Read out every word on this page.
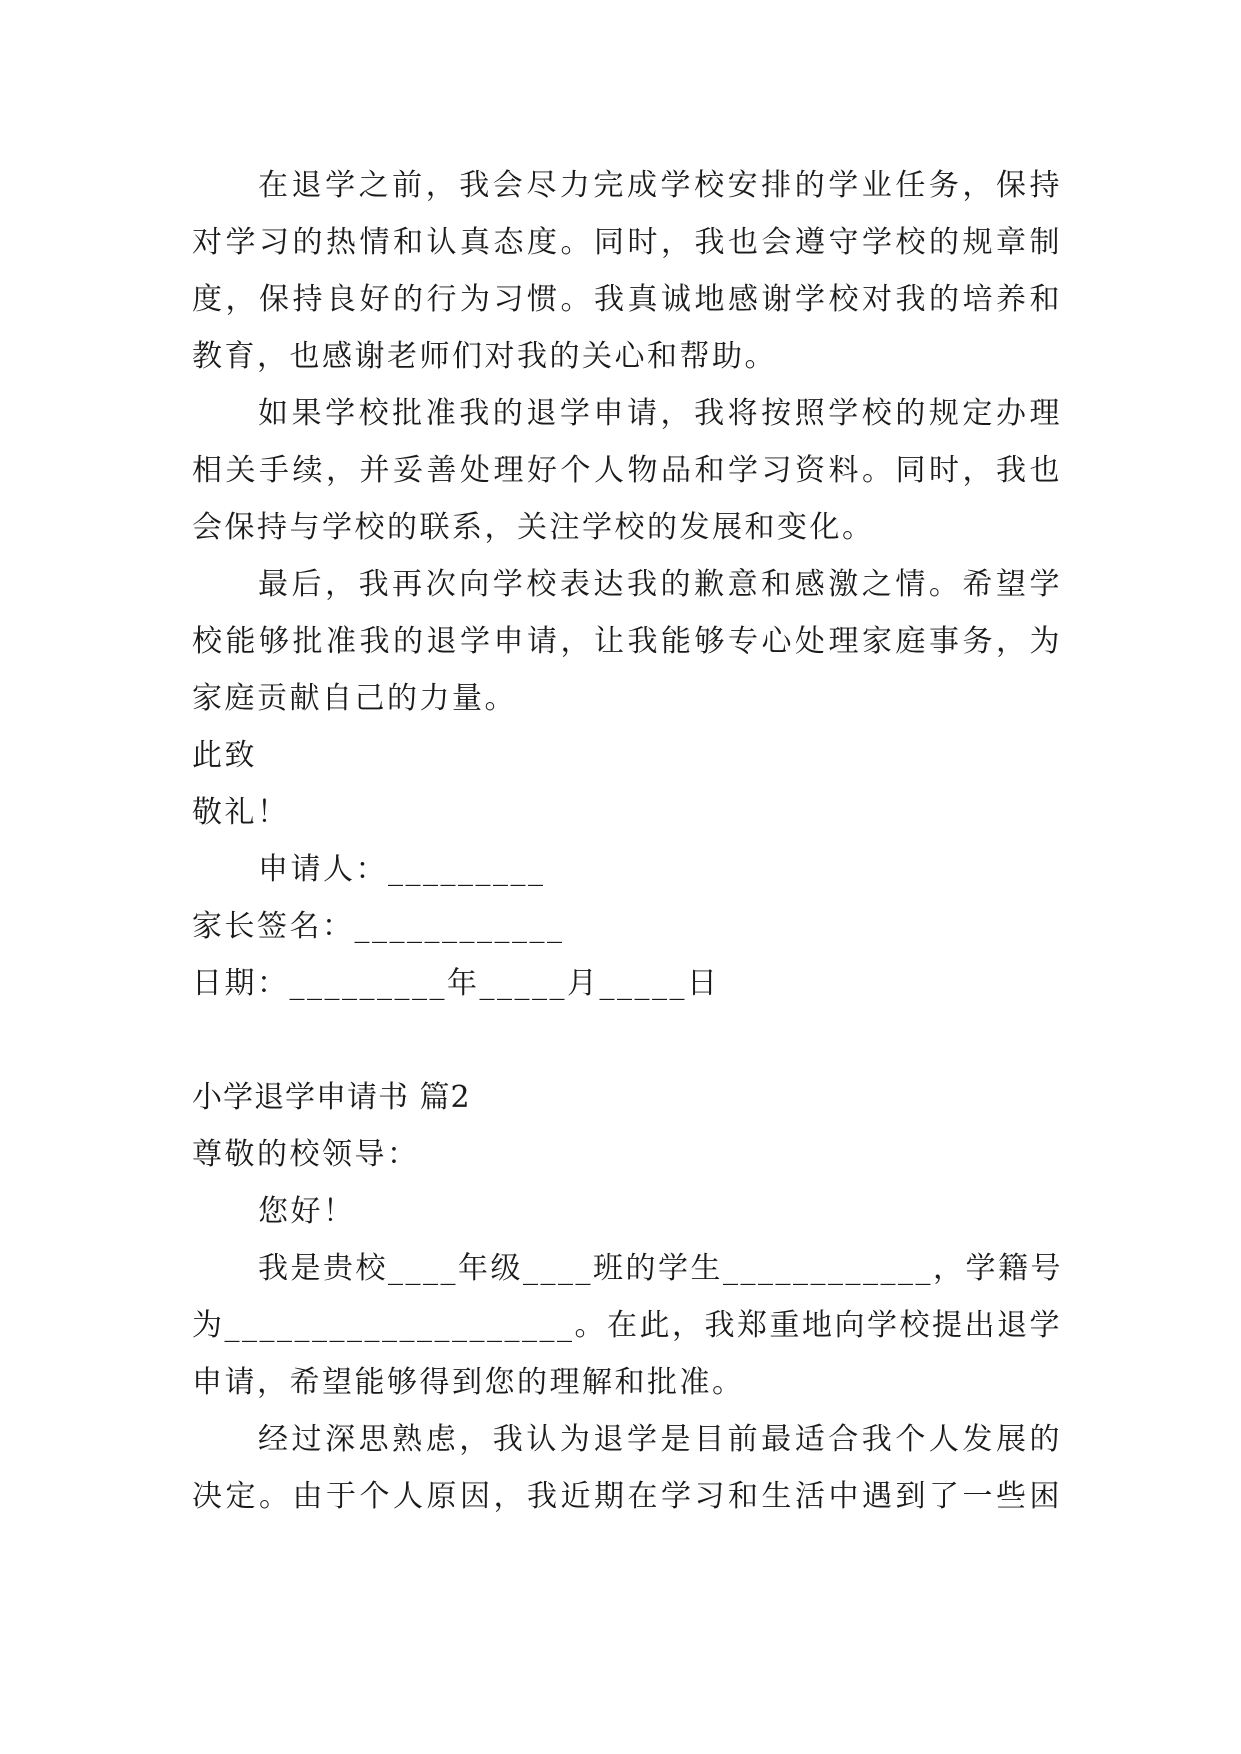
在退学之前，我会尽力完成学校安排的学业任务，保持
对学习的热情和认真态度。同时，我也会遵守学校的规章制
度，保持良好的行为习惯。我真诚地感谢学校对我的培养和
教育，也感谢老师们对我的关心和帮助。
如果学校批准我的退学申请，我将按照学校的规定办理
相关手续，并妥善处理好个人物品和学习资料。同时，我也
会保持与学校的联系，关注学校的发展和变化。
最后，我再次向学校表达我的歉意和感激之情。希望学
校能够批准我的退学申请，让我能够专心处理家庭事务，为
家庭贡献自己的力量。
此致
敬礼！
申请人：_________
家长签名：____________
日期：_________年_____月_____日
小学退学申请书 篇2
尊敬的校领导：
您好！
我是贵校____年级____班的学生____________，学籍号
为____________________。在此，我郑重地向学校提出退学
申请，希望能够得到您的理解和批准。
经过深思熟虑，我认为退学是目前最适合我个人发展的
决定。由于个人原因，我近期在学习和生活中遇到了一些困
